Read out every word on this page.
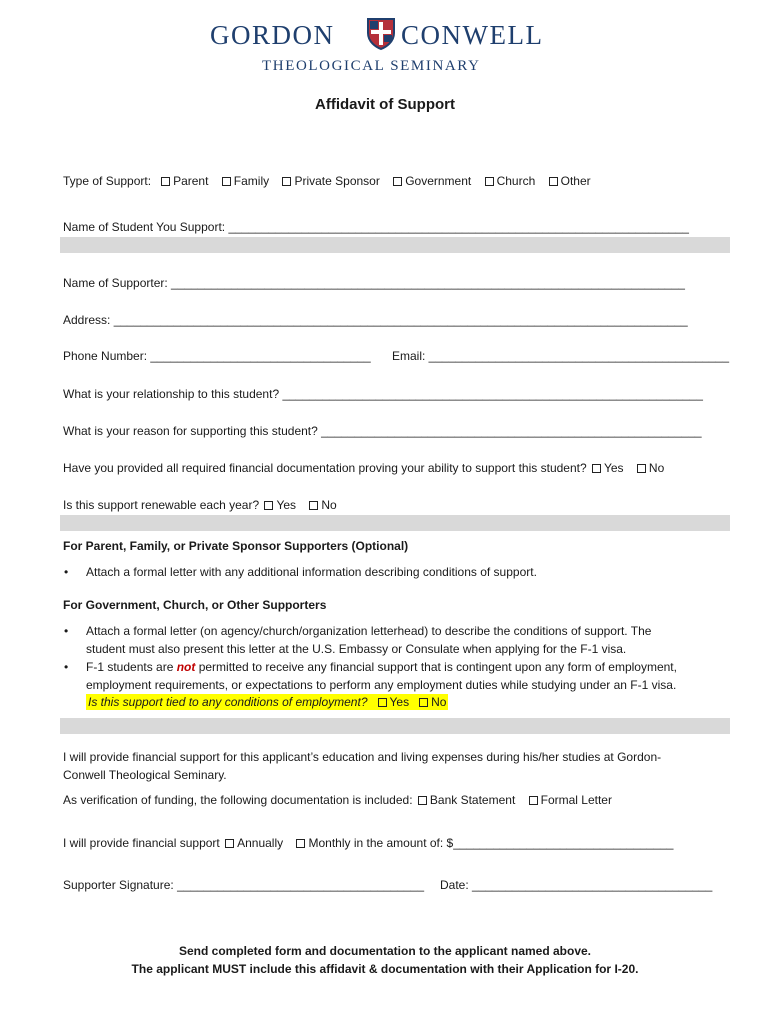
GORDON CONWELL
THEOLOGICAL SEMINARY
Affidavit of Support
Type of Support: Parent Family Private Sponsor Government Church Other
Name of Student You Support: _____________________________________________________________________
Name of Supporter: _____________________________________________________________________________
Address: ______________________________________________________________________________________
Phone Number: _________________________________ Email: _____________________________________________
What is your relationship to this student? _______________________________________________________________
What is your reason for supporting this student? _________________________________________________________
Have you provided all required financial documentation proving your ability to support this student? Yes No
Is this support renewable each year? Yes No
For Parent, Family, or Private Sponsor Supporters (Optional)
• Attach a formal letter with any additional information describing conditions of support.
For Government, Church, or Other Supporters
• Attach a formal letter (on agency/church/organization letterhead) to describe the conditions of support. The
student must also present this letter at the U.S. Embassy or Consulate when applying for the F-1 visa.
• F-1 students are not permitted to receive any financial support that is contingent upon any form of employment,
employment requirements, or expectations to perform any employment duties while studying under an F-1 visa.
Is this support tied to any conditions of employment? Yes No
I will provide financial support for this applicant’s education and living expenses during his/her studies at Gordon-
Conwell Theological Seminary.
As verification of funding, the following documentation is included: Bank Statement Formal Letter
I will provide financial support Annually Monthly in the amount of: $_________________________________
Supporter Signature: _____________________________________ Date: ____________________________________
Send completed form and documentation to the applicant named above.
The applicant MUST include this affidavit & documentation with their Application for I-20.
